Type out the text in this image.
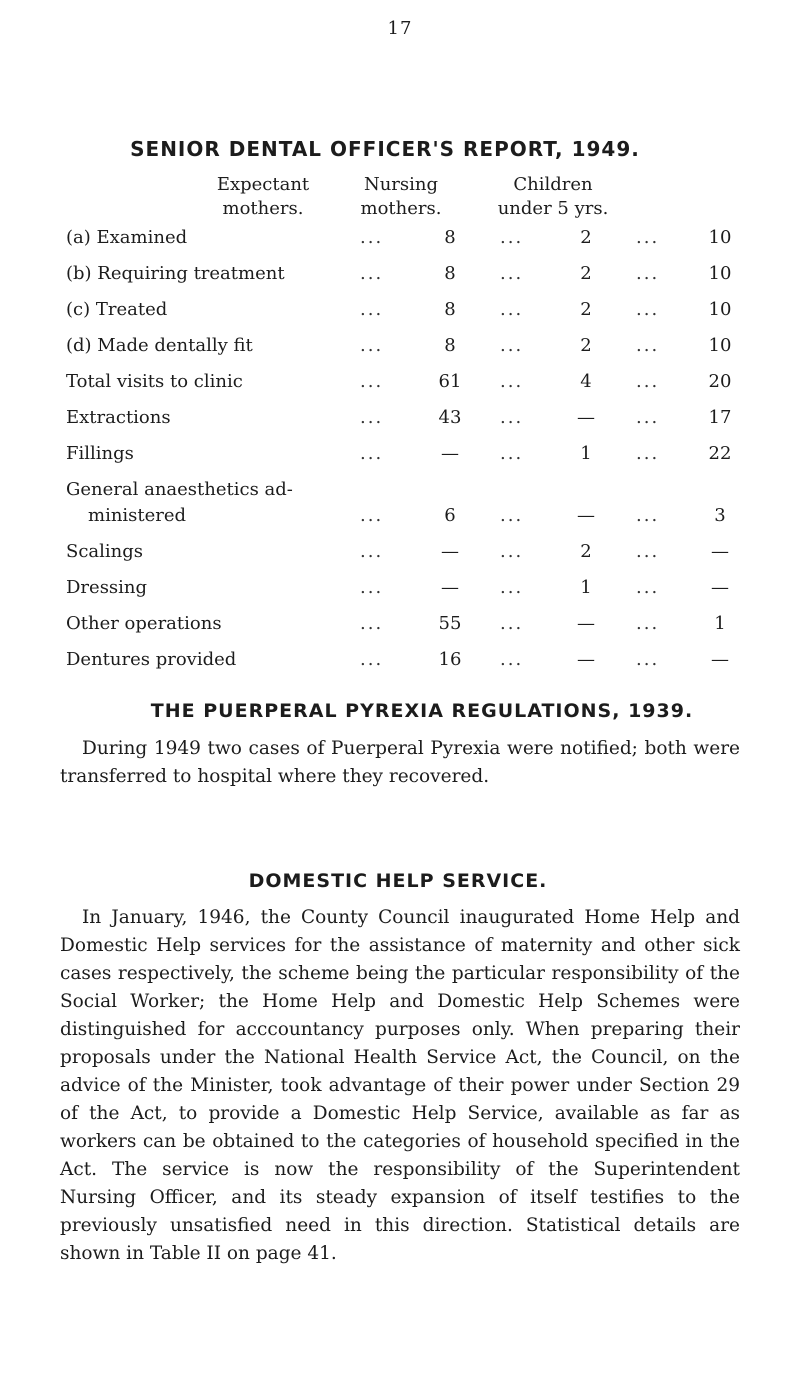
17
SENIOR DENTAL OFFICER'S REPORT, 1949.
Expectant
mothers.
Nursing
mothers.
Children
under 5 yrs.
(a) Examined	8	2	10
(b) Requiring treatment	8	2	10
(c) Treated	8	2	10
(d) Made dentally fit	8	2	10
Total visits to clinic	61	4	20
Extractions	43	—	17
Fillings	—	1	22
General anaesthetics ad-
ministered	6	—	3
Scalings	—	2	—
Dressing	—	1	—
Other operations	55	—	1
Dentures provided	16	—	—
...	...	...
...	...	...
...	...	...
...	...	...
...	...	...
...	...	...
...	...	...
...	...	...
...	...	...
...	...	...
...	...	...
...	...	...
THE PUERPERAL PYREXIA REGULATIONS, 1939.
During 1949 two cases of Puerperal Pyrexia were notified; both were transferred to hospital where they recovered.
DOMESTIC HELP SERVICE.
In January, 1946, the County Council inaugurated Home Help and Domestic Help services for the assistance of maternity and other sick cases respectively, the scheme being the particular responsibility of the Social Worker; the Home Help and Domestic Help Schemes were distinguished for acccountancy purposes only. When preparing their proposals under the National Health Service Act, the Council, on the advice of the Minister, took advantage of their power under Section 29 of the Act, to provide a Domestic Help Service, available as far as workers can be obtained to the categories of household specified in the Act. The service is now the responsibility of the Superintendent Nursing Officer, and its steady expansion of itself testifies to the previously unsatisfied need in this direction. Statistical details are shown in Table II on page 41.
